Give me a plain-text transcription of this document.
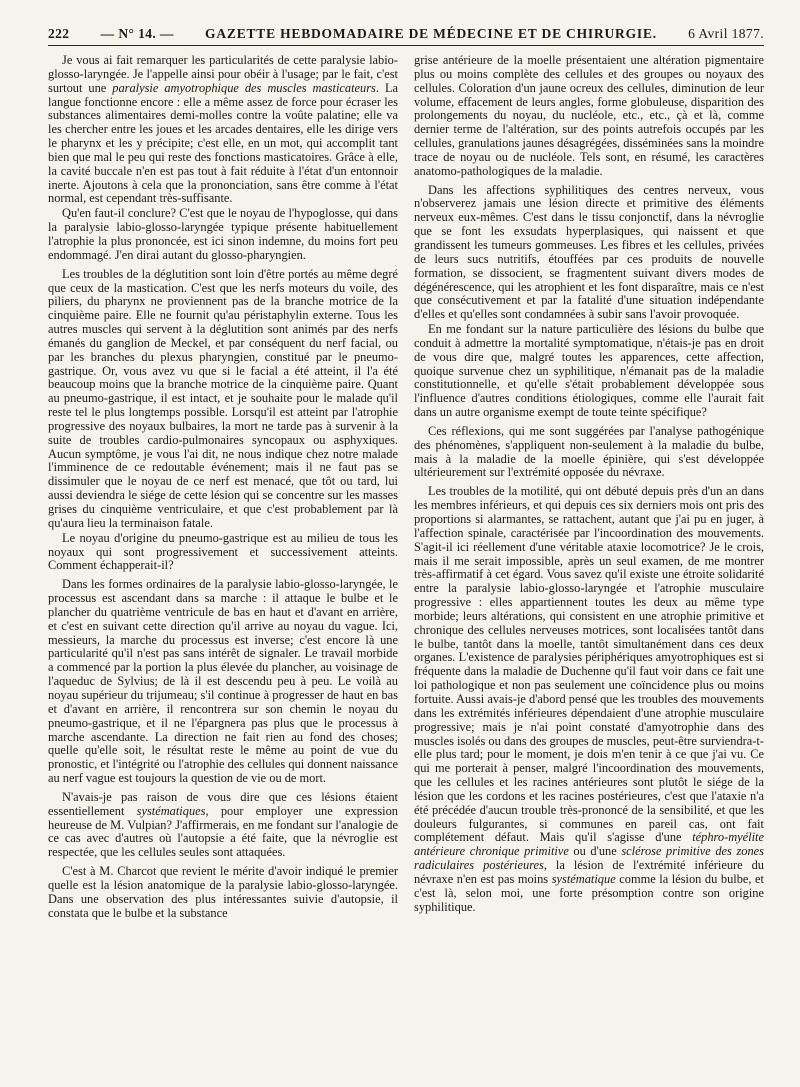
222 — N° 14. — GAZETTE HEBDOMADAIRE DE MÉDECINE ET DE CHIRURGIE. 6 Avril 1877.

Je vous ai fait remarquer les particularités de cette paralysie labio-glosso-laryngée. Je l'appelle ainsi pour obéir à l'usage; par le fait, c'est surtout une paralysie amyotrophique des muscles masticateurs. La langue fonctionne encore : elle a même assez de force pour écraser les substances alimentaires demi-molles contre la voûte palatine; elle va les chercher entre les joues et les arcades dentaires, elle les dirige vers le pharynx et les y précipite; c'est elle, en un mot, qui accomplit tant bien que mal le peu qui reste des fonctions masticatoires. Grâce à elle, la cavité buccale n'en est pas tout à fait réduite à l'état d'un entonnoir inerte. Ajoutons à cela que la prononciation, sans être comme à l'état normal, est cependant très-suffisante.

Qu'en faut-il conclure? C'est que le noyau de l'hypoglosse, qui dans la paralysie labio-glosso-laryngée typique présente habituellement l'atrophie la plus prononcée, est ici sinon indemne, du moins fort peu endommagé. J'en dirai autant du glosso-pharyngien.

Les troubles de la déglutition sont loin d'être portés au même degré que ceux de la mastication. C'est que les nerfs moteurs du voile, des piliers, du pharynx ne proviennent pas de la branche motrice de la cinquième paire. Elle ne fournit qu'au péristaphylin externe. Tous les autres muscles qui servent à la déglutition sont animés par des nerfs émanés du ganglion de Meckel, et par conséquent du nerf facial, ou par les branches du plexus pharyngien, constitué par le pneumo-gastrique. Or, vous avez vu que si le facial a été atteint, il l'a été beaucoup moins que la branche motrice de la cinquième paire. Quant au pneumo-gastrique, il est intact, et je souhaite pour le malade qu'il reste tel le plus longtemps possible. Lorsqu'il est atteint par l'atrophie progressive des noyaux bulbaires, la mort ne tarde pas à survenir à la suite de troubles cardio-pulmonaires syncopaux ou asphyxiques. Aucun symptôme, je vous l'ai dit, ne nous indique chez notre malade l'imminence de ce redoutable événement; mais il ne faut pas se dissimuler que le noyau de ce nerf est menacé, que tôt ou tard, lui aussi deviendra le siége de cette lésion qui se concentre sur les masses grises du cinquième ventriculaire, et que c'est probablement par là qu'aura lieu la terminaison fatale.

Le noyau d'origine du pneumo-gastrique est au milieu de tous les noyaux qui sont progressivement et successivement atteints. Comment échapperait-il?

Dans les formes ordinaires de la paralysie labio-glosso-laryngée, le processus est ascendant dans sa marche : il attaque le bulbe et le plancher du quatrième ventricule de bas en haut et d'avant en arrière, et c'est en suivant cette direction qu'il arrive au noyau du vague. Ici, messieurs, la marche du processus est inverse; c'est encore là une particularité qu'il n'est pas sans intérêt de signaler. Le travail morbide a commencé par la portion la plus élevée du plancher, au voisinage de l'aqueduc de Sylvius; de là il est descendu peu à peu. Le voilà au noyau supérieur du trijumeau; s'il continue à progresser de haut en bas et d'avant en arrière, il rencontrera sur son chemin le noyau du pneumo-gastrique, et il ne l'épargnera pas plus que le processus à marche ascendante. La direction ne fait rien au fond des choses; quelle qu'elle soit, le résultat reste le même au point de vue du pronostic, et l'intégrité ou l'atrophie des cellules qui donnent naissance au nerf vague est toujours la question de vie ou de mort.

N'avais-je pas raison de vous dire que ces lésions étaient essentiellement systématiques, pour employer une expression heureuse de M. Vulpian? J'affirmerais, en me fondant sur l'analogie de ce cas avec d'autres où l'autopsie a été faite, que la névroglie est respectée, que les cellules seules sont attaquées.

C'est à M. Charcot que revient le mérite d'avoir indiqué le premier quelle est la lésion anatomique de la paralysie labio-glosso-laryngée. Dans une observation des plus intéressantes suivie d'autopsie, il constata que le bulbe et la substance

grise antérieure de la moelle présentaient une altération pigmentaire plus ou moins complète des cellules et des groupes ou noyaux des cellules. Coloration d'un jaune ocreux des cellules, diminution de leur volume, effacement de leurs angles, forme globuleuse, disparition des prolongements du noyau, du nucléole, etc., etc., çà et là, comme dernier terme de l'altération, sur des points autrefois occupés par les cellules, granulations jaunes désagrégées, disséminées sans la moindre trace de noyau ou de nucléole. Tels sont, en résumé, les caractères anatomo-pathologiques de la maladie.

Dans les affections syphilitiques des centres nerveux, vous n'observerez jamais une lésion directe et primitive des éléments nerveux eux-mêmes. C'est dans le tissu conjonctif, dans la névroglie que se font les exsudats hyperplasiques, qui naissent et que grandissent les tumeurs gommeuses. Les fibres et les cellules, privées de leurs sucs nutritifs, étouffées par ces produits de nouvelle formation, se dissocient, se fragmentent suivant divers modes de dégénérescence, qui les atrophient et les font disparaître, mais ce n'est que consécutivement et par la fatalité d'une situation indépendante d'elles et qu'elles sont condamnées à subir sans l'avoir provoquée.

En me fondant sur la nature particulière des lésions du bulbe que conduit à admettre la mortalité symptomatique, n'étais-je pas en droit de vous dire que, malgré toutes les apparences, cette affection, quoique survenue chez un syphilitique, n'émanait pas de la maladie constitutionnelle, et qu'elle s'était probablement développée sous l'influence d'autres conditions étiologiques, comme elle l'aurait fait dans un autre organisme exempt de toute teinte spécifique?

Ces réflexions, qui me sont suggérées par l'analyse pathogénique des phénomènes, s'appliquent non-seulement à la maladie du bulbe, mais à la maladie de la moelle épinière, qui s'est développée ultérieurement sur l'extrémité opposée du névraxe.

Les troubles de la motilité, qui ont débuté depuis près d'un an dans les membres inférieurs, et qui depuis ces six derniers mois ont pris des proportions si alarmantes, se rattachent, autant que j'ai pu en juger, à l'affection spinale, caractérisée par l'incoordination des mouvements. S'agit-il ici réellement d'une véritable ataxie locomotrice? Je le crois, mais il me serait impossible, après un seul examen, de me montrer très-affirmatif à cet égard. Vous savez qu'il existe une étroite solidarité entre la paralysie labio-glosso-laryngée et l'atrophie musculaire progressive : elles appartiennent toutes les deux au même type morbide; leurs altérations, qui consistent en une atrophie primitive et chronique des cellules nerveuses motrices, sont localisées tantôt dans le bulbe, tantôt dans la moelle, tantôt simultanément dans ces deux organes. L'existence de paralysies périphériques amyotrophiques est si fréquente dans la maladie de Duchenne qu'il faut voir dans ce fait une loi pathologique et non pas seulement une coïncidence plus ou moins fortuite. Aussi avais-je d'abord pensé que les troubles des mouvements dans les extrémités inférieures dépendaient d'une atrophie musculaire progressive; mais je n'ai point constaté d'amyotrophie dans des muscles isolés ou dans des groupes de muscles, peut-être surviendra-t-elle plus tard; pour le moment, je dois m'en tenir à ce que j'ai vu. Ce qui me porterait à penser, malgré l'incoordination des mouvements, que les cellules et les racines antérieures sont plutôt le siége de la lésion que les cordons et les racines postérieures, c'est que l'ataxie n'a été précédée d'aucun trouble très-prononcé de la sensibilité, et que les douleurs fulgurantes, si communes en pareil cas, ont fait complétement défaut. Mais qu'il s'agisse d'une téphro-myélite antérieure chronique primitive ou d'une sclérose primitive des zones radiculaires postérieures, la lésion de l'extrémité inférieure du névraxe n'en est pas moins systématique comme la lésion du bulbe, et c'est là, selon moi, une forte présomption contre son origine syphilitique.
